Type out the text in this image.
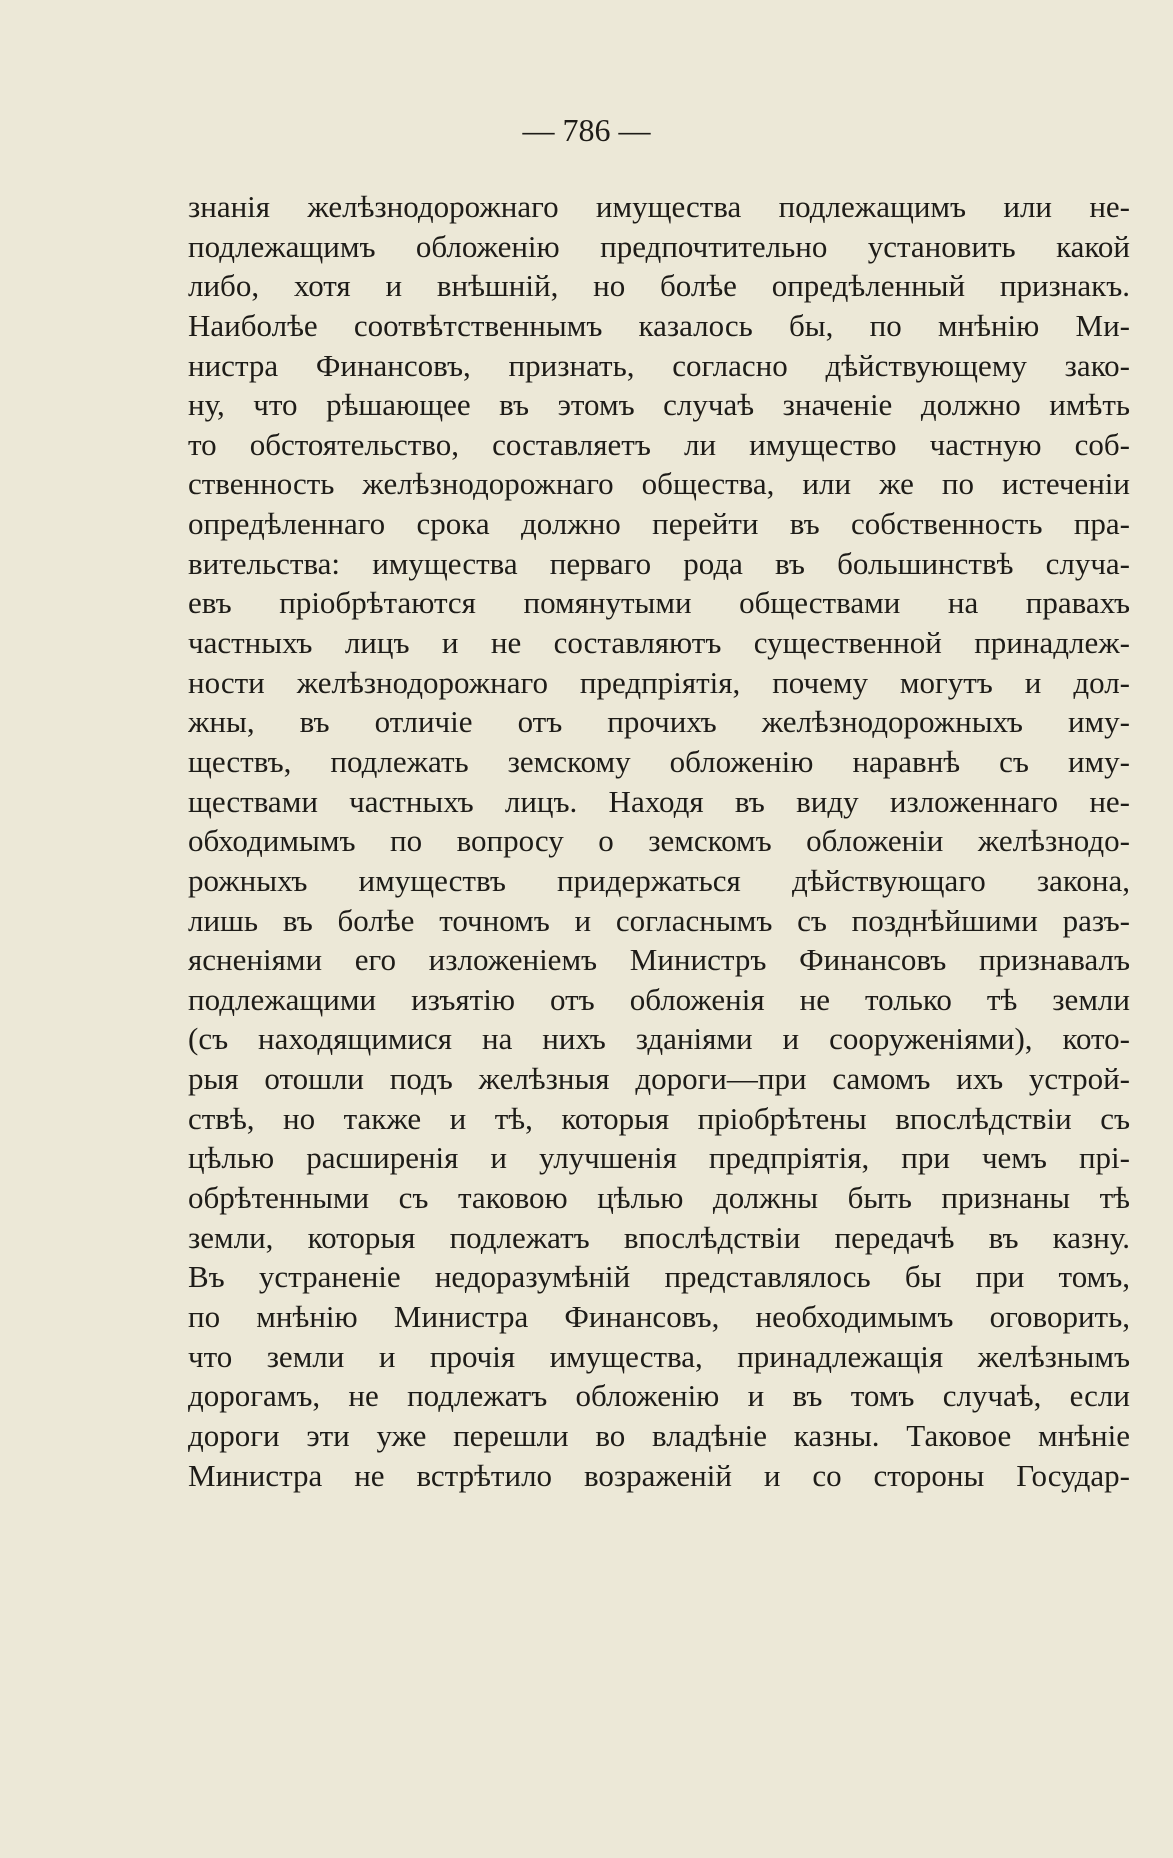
— 786 —
знанія желѣзнодорожнаго имущества подлежащимъ или не-
подлежащимъ обложенію предпочтительно установить какой
либо, хотя и внѣшній, но болѣе опредѣленный признакъ.
Наиболѣе соотвѣтственнымъ казалось бы, по мнѣнію Ми-
нистра Финансовъ, признать, согласно дѣйствующему зако-
ну, что рѣшающее въ этомъ случаѣ значеніе должно имѣть
то обстоятельство, составляетъ ли имущество частную соб-
ственность желѣзнодорожнаго общества, или же по истеченіи
опредѣленнаго срока должно перейти въ собственность пра-
вительства: имущества перваго рода въ большинствѣ случа-
евъ пріобрѣтаются помянутыми обществами на правахъ
частныхъ лицъ и не составляютъ существенной принадлеж-
ности желѣзнодорожнаго предпріятія, почему могутъ и дол-
жны, въ отличіе отъ прочихъ желѣзнодорожныхъ иму-
ществъ, подлежать земскому обложенію наравнѣ съ иму-
ществами частныхъ лицъ. Находя въ виду изложеннаго не-
обходимымъ по вопросу о земскомъ обложеніи желѣзнодо-
рожныхъ имуществъ придержаться дѣйствующаго закона,
лишь въ болѣе точномъ и согласнымъ съ позднѣйшими разъ-
ясненіями его изложеніемъ Министръ Финансовъ признавалъ
подлежащими изъятію отъ обложенія не только тѣ земли
(съ находящимися на нихъ зданіями и сооруженіями), кото-
рыя отошли подъ желѣзныя дороги—при самомъ ихъ устрой-
ствѣ, но также и тѣ, которыя пріобрѣтены впослѣдствіи съ
цѣлью расширенія и улучшенія предпріятія, при чемъ прі-
обрѣтенными съ таковою цѣлью должны быть признаны тѣ
земли, которыя подлежатъ впослѣдствіи передачѣ въ казну.
Въ устраненіе недоразумѣній представлялось бы при томъ,
по мнѣнію Министра Финансовъ, необходимымъ оговорить,
что земли и прочія имущества, принадлежащія желѣзнымъ
дорогамъ, не подлежатъ обложенію и въ томъ случаѣ, если
дороги эти уже перешли во владѣніе казны. Таковое мнѣніе
Министра не встрѣтило возраженій и со стороны Государ-
